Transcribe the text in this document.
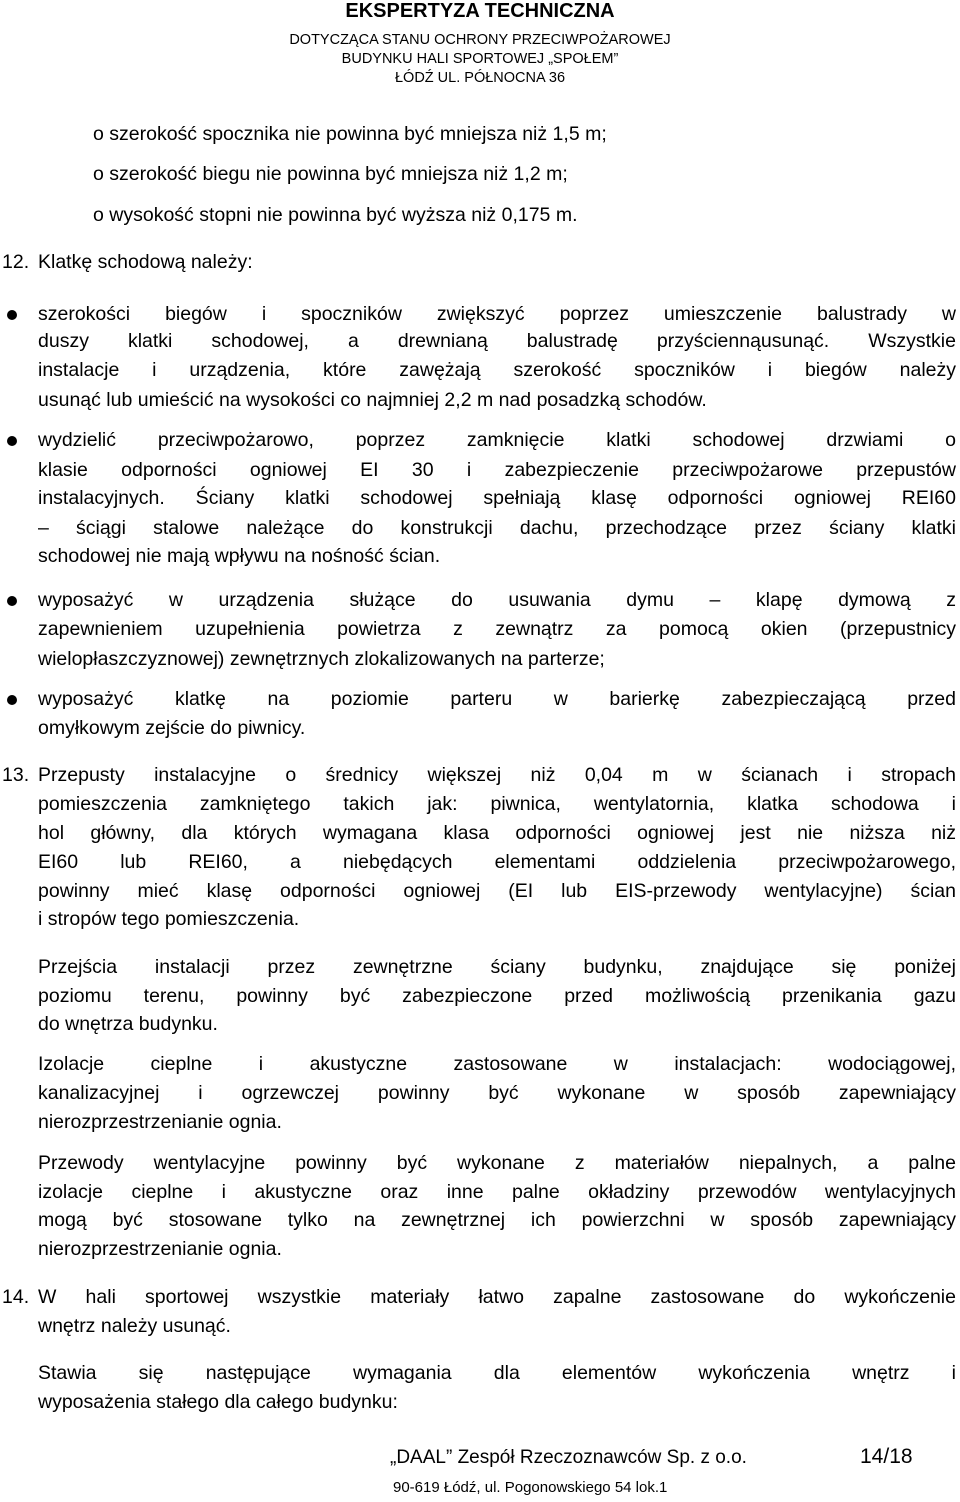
EKSPERTYZA TECHNICZNA
DOTYCZĄCA STANU OCHRONY PRZECIWPOŻAROWEJ
BUDYNKU HALI SPORTOWEJ „SPOŁEM”
ŁÓDŹ UL. PÓŁNOCNA 36
o szerokość spocznika nie powinna być mniejsza niż 1,5 m;
o szerokość biegu nie powinna być mniejsza niż 1,2 m;
o wysokość stopni nie powinna być wyższa niż 0,175 m.
12. Klatkę schodową należy:
szerokości biegów i spoczników zwiększyć poprzez umieszczenie balustrady w
duszy klatki schodowej, a drewnianą balustradę przyściennąusunąć. Wszystkie
instalacje i urządzenia, które zawężają szerokość spoczników i biegów należy
usunąć lub umieścić na wysokości co najmniej 2,2 m nad posadzką schodów.
wydzielić przeciwpożarowo, poprzez zamknięcie klatki schodowej drzwiami o
klasie odporności ogniowej EI 30 i zabezpieczenie przeciwpożarowe przepustów
instalacyjnych. Ściany klatki schodowej spełniają klasę odporności ogniowej REI60
– ściągi stalowe należące do konstrukcji dachu, przechodzące przez ściany klatki
schodowej nie mają wpływu na nośność ścian.
wyposażyć w urządzenia służące do usuwania dymu – klapę dymową z
zapewnieniem uzupełnienia powietrza z zewnątrz za pomocą okien (przepustnicy
wielopłaszczyznowej) zewnętrznych zlokalizowanych na parterze;
wyposażyć klatkę na poziomie parteru w barierkę zabezpieczającą przed
omyłkowym zejście do piwnicy.
13. Przepusty instalacyjne o średnicy większej niż 0,04 m w ścianach i stropach
pomieszczenia zamkniętego takich jak: piwnica, wentylatornia, klatka schodowa i
hol główny, dla których wymagana klasa odporności ogniowej jest nie niższa niż
EI60 lub REI60, a niebędących elementami oddzielenia przeciwpożarowego,
powinny mieć klasę odporności ogniowej (EI lub EIS-przewody wentylacyjne) ścian
i stropów tego pomieszczenia.
Przejścia instalacji przez zewnętrzne ściany budynku, znajdujące się poniżej
poziomu terenu, powinny być zabezpieczone przed możliwością przenikania gazu
do wnętrza budynku.
Izolacje cieplne i akustyczne zastosowane w instalacjach: wodociągowej,
kanalizacyjnej i ogrzewczej powinny być wykonane w sposób zapewniający
nierozprzestrzenianie ognia.
Przewody wentylacyjne powinny być wykonane z materiałów niepalnych, a palne
izolacje cieplne i akustyczne oraz inne palne okładziny przewodów wentylacyjnych
mogą być stosowane tylko na zewnętrznej ich powierzchni w sposób zapewniający
nierozprzestrzenianie ognia.
14. W hali sportowej wszystkie materiały łatwo zapalne zastosowane do wykończenie
wnętrz należy usunąć.
Stawia się następujące wymagania dla elementów wykończenia wnętrz i
wyposażenia stałego dla całego budynku:
„DAAL” Zespół Rzeczoznawców Sp. z o.o.	14/18
90-619 Łódź, ul. Pogonowskiego 54 lok.1
